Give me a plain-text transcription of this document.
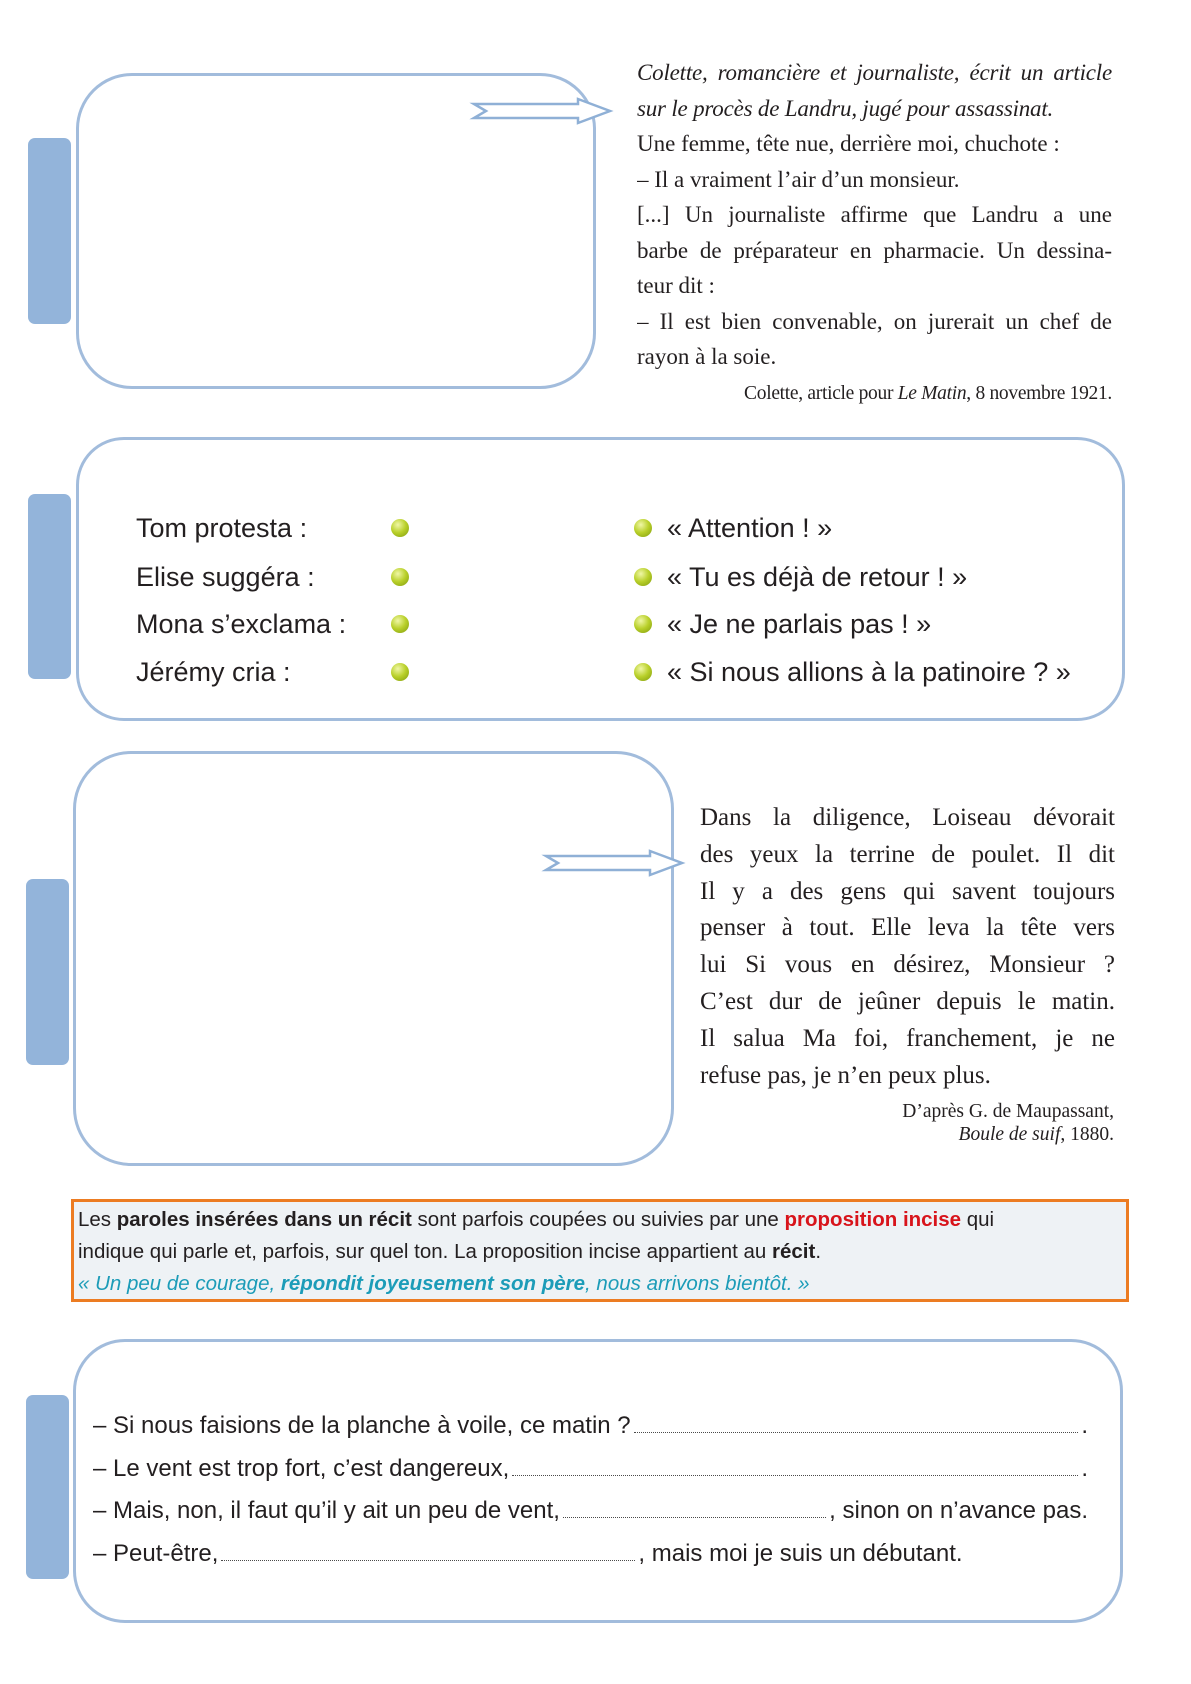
Colette, romancière et journaliste, écrit un article
sur le procès de Landru, jugé pour assassinat.
Une femme, tête nue, derrière moi, chuchote :
– Il a vraiment l’air d’un monsieur.
[...] Un journaliste affirme que Landru a une
barbe de préparateur en pharmacie. Un dessina-
teur dit :
– Il est bien convenable, on jurerait un chef de
rayon à la soie.
Colette, article pour Le Matin, 8 novembre 1921.
Tom protesta :	« Attention ! »
Elise suggéra :	« Tu es déjà de retour ! »
Mona s’exclama :	« Je ne parlais pas ! »
Jérémy cria :	« Si nous allions à la patinoire ? »
Dans la diligence, Loiseau dévorait
des yeux la terrine de poulet. Il dit
Il y a des gens qui savent toujours
penser à tout. Elle leva la tête vers
lui Si vous en désirez, Monsieur ?
C’est dur de jeûner depuis le matin.
Il salua Ma foi, franchement, je ne
refuse pas, je n’en peux plus.
D’après G. de Maupassant,
Boule de suif, 1880.
Les paroles insérées dans un récit sont parfois coupées ou suivies par une proposition incise qui
indique qui parle et, parfois, sur quel ton. La proposition incise appartient au récit.
« Un peu de courage, répondit joyeusement son père, nous arrivons bientôt. »
– Si nous faisions de la planche à voile, ce matin ?	.
– Le vent est trop fort, c’est dangereux,	.
– Mais, non, il faut qu’il y ait un peu de vent,	, sinon on n’avance pas.
– Peut-être,	, mais moi je suis un débutant.
